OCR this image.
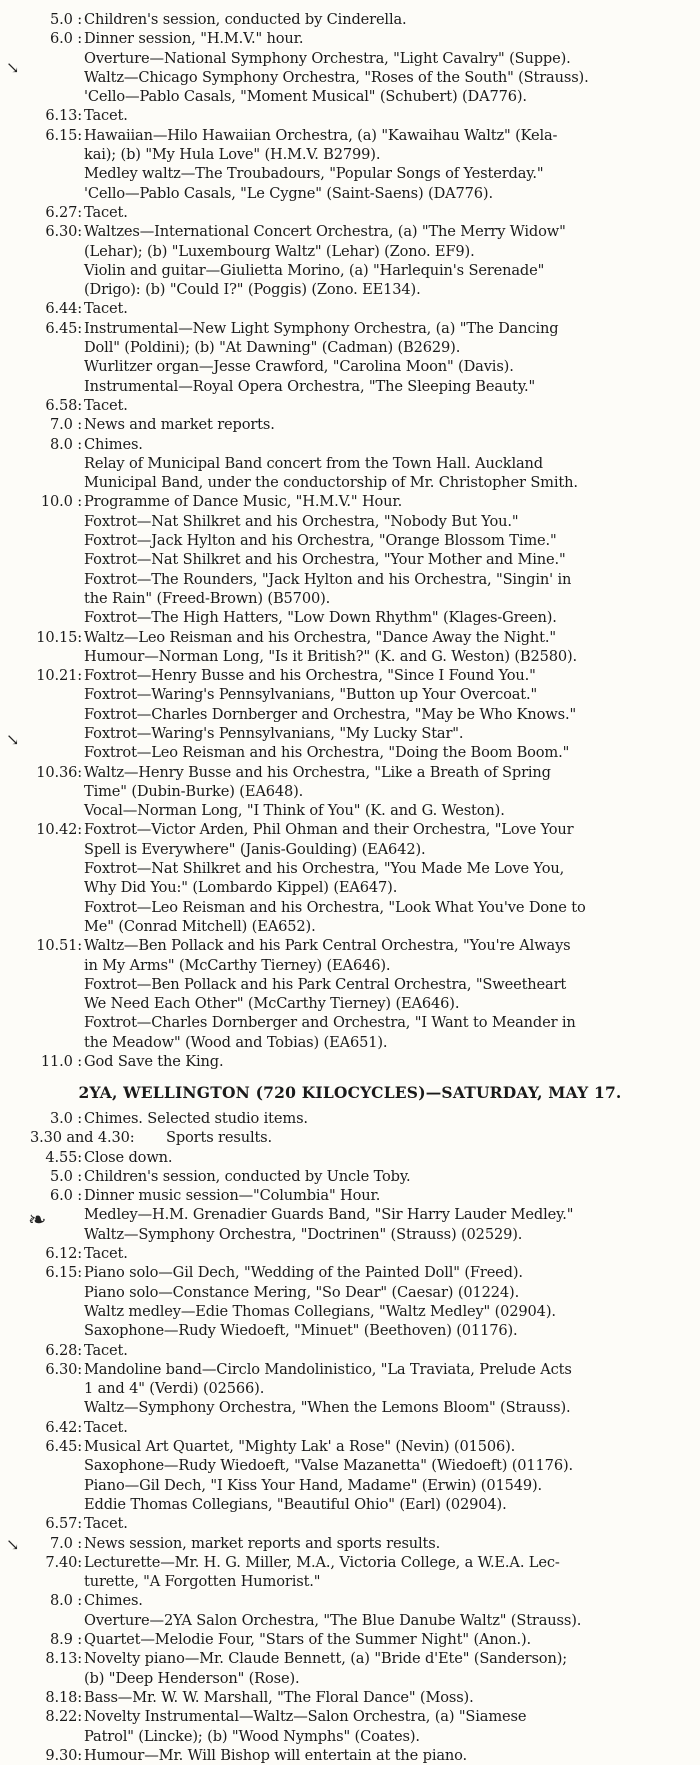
5.0 : Children's session, conducted by Cinderella.
6.0 : Dinner session, "H.M.V." hour.
Overture—National Symphony Orchestra, "Light Cavalry" (Suppe).
Waltz—Chicago Symphony Orchestra, "Roses of the South" (Strauss).
'Cello—Pablo Casals, "Moment Musical" (Schubert) (DA776).
6.13: Tacet.
6.15: Hawaiian—Hilo Hawaiian Orchestra, (a) "Kawaihau Waltz" (Kela-
kai); (b) "My Hula Love" (H.M.V. B2799).
Medley waltz—The Troubadours, "Popular Songs of Yesterday."
'Cello—Pablo Casals, "Le Cygne" (Saint-Saens) (DA776).
6.27: Tacet.
6.30: Waltzes—International Concert Orchestra, (a) "The Merry Widow"
(Lehar); (b) "Luxembourg Waltz" (Lehar) (Zono. EF9).
Violin and guitar—Giulietta Morino, (a) "Harlequin's Serenade"
(Drigo): (b) "Could I?" (Poggis) (Zono. EE134).
6.44: Tacet.
6.45: Instrumental—New Light Symphony Orchestra, (a) "The Dancing
Doll" (Poldini); (b) "At Dawning" (Cadman) (B2629).
Wurlitzer organ—Jesse Crawford, "Carolina Moon" (Davis).
Instrumental—Royal Opera Orchestra, "The Sleeping Beauty."
6.58: Tacet.
7.0 : News and market reports.
8.0 : Chimes.
Relay of Municipal Band concert from the Town Hall. Auckland
Municipal Band, under the conductorship of Mr. Christopher Smith.
10.0 : Programme of Dance Music, "H.M.V." Hour.
Foxtrot—Nat Shilkret and his Orchestra, "Nobody But You."
Foxtrot—Jack Hylton and his Orchestra, "Orange Blossom Time."
Foxtrot—Nat Shilkret and his Orchestra, "Your Mother and Mine."
Foxtrot—The Rounders, "Jack Hylton and his Orchestra, "Singin' in
the Rain" (Freed-Brown) (B5700).
Foxtrot—The High Hatters, "Low Down Rhythm" (Klages-Green).
10.15: Waltz—Leo Reisman and his Orchestra, "Dance Away the Night."
Humour—Norman Long, "Is it British?" (K. and G. Weston) (B2580).
10.21: Foxtrot—Henry Busse and his Orchestra, "Since I Found You."
Foxtrot—Waring's Pennsylvanians, "Button up Your Overcoat."
Foxtrot—Charles Dornberger and Orchestra, "May be Who Knows."
Foxtrot—Waring's Pennsylvanians, "My Lucky Star".
Foxtrot—Leo Reisman and his Orchestra, "Doing the Boom Boom."
10.36: Waltz—Henry Busse and his Orchestra, "Like a Breath of Spring
Time" (Dubin-Burke) (EA648).
Vocal—Norman Long, "I Think of You" (K. and G. Weston).
10.42: Foxtrot—Victor Arden, Phil Ohman and their Orchestra, "Love Your
Spell is Everywhere" (Janis-Goulding) (EA642).
Foxtrot—Nat Shilkret and his Orchestra, "You Made Me Love You,
Why Did You:" (Lombardo Kippel) (EA647).
Foxtrot—Leo Reisman and his Orchestra, "Look What You've Done to
Me" (Conrad Mitchell) (EA652).
10.51: Waltz—Ben Pollack and his Park Central Orchestra, "You're Always
in My Arms" (McCarthy Tierney) (EA646).
Foxtrot—Ben Pollack and his Park Central Orchestra, "Sweetheart
We Need Each Other" (McCarthy Tierney) (EA646).
Foxtrot—Charles Dornberger and Orchestra, "I Want to Meander in
the Meadow" (Wood and Tobias) (EA651).
11.0 : God Save the King.
2YA, WELLINGTON (720 KILOCYCLES)—SATURDAY, MAY 17.
3.0 : Chimes. Selected studio items.
3.30 and 4.30: Sports results.
4.55: Close down.
5.0 : Children's session, conducted by Uncle Toby.
6.0 : Dinner music session—"Columbia" Hour.
Medley—H.M. Grenadier Guards Band, "Sir Harry Lauder Medley."
Waltz—Symphony Orchestra, "Doctrinen" (Strauss) (02529).
6.12: Tacet.
6.15: Piano solo—Gil Dech, "Wedding of the Painted Doll" (Freed).
Piano solo—Constance Mering, "So Dear" (Caesar) (01224).
Waltz medley—Edie Thomas Collegians, "Waltz Medley" (02904).
Saxophone—Rudy Wiedoeft, "Minuet" (Beethoven) (01176).
6.28: Tacet.
6.30: Mandoline band—Circlo Mandolinistico, "La Traviata, Prelude Acts
1 and 4" (Verdi) (02566).
Waltz—Symphony Orchestra, "When the Lemons Bloom" (Strauss).
6.42: Tacet.
6.45: Musical Art Quartet, "Mighty Lak' a Rose" (Nevin) (01506).
Saxophone—Rudy Wiedoeft, "Valse Mazanetta" (Wiedoeft) (01176).
Piano—Gil Dech, "I Kiss Your Hand, Madame" (Erwin) (01549).
Eddie Thomas Collegians, "Beautiful Ohio" (Earl) (02904).
6.57: Tacet.
7.0 : News session, market reports and sports results.
7.40: Lecturette—Mr. H. G. Miller, M.A., Victoria College, a W.E.A. Lec-
turette, "A Forgotten Humorist."
8.0 : Chimes.
Overture—2YA Salon Orchestra, "The Blue Danube Waltz" (Strauss).
8.9 : Quartet—Melodie Four, "Stars of the Summer Night" (Anon.).
8.13: Novelty piano—Mr. Claude Bennett, (a) "Bride d'Ete" (Sanderson);
(b) "Deep Henderson" (Rose).
8.18: Bass—Mr. W. W. Marshall, "The Floral Dance" (Moss).
8.22: Novelty Instrumental—Waltz—Salon Orchestra, (a) "Siamese
Patrol" (Lincke); (b) "Wood Nymphs" (Coates).
9.30: Humour—Mr. Will Bishop will entertain at the piano.
↘
↘
❧
↘
